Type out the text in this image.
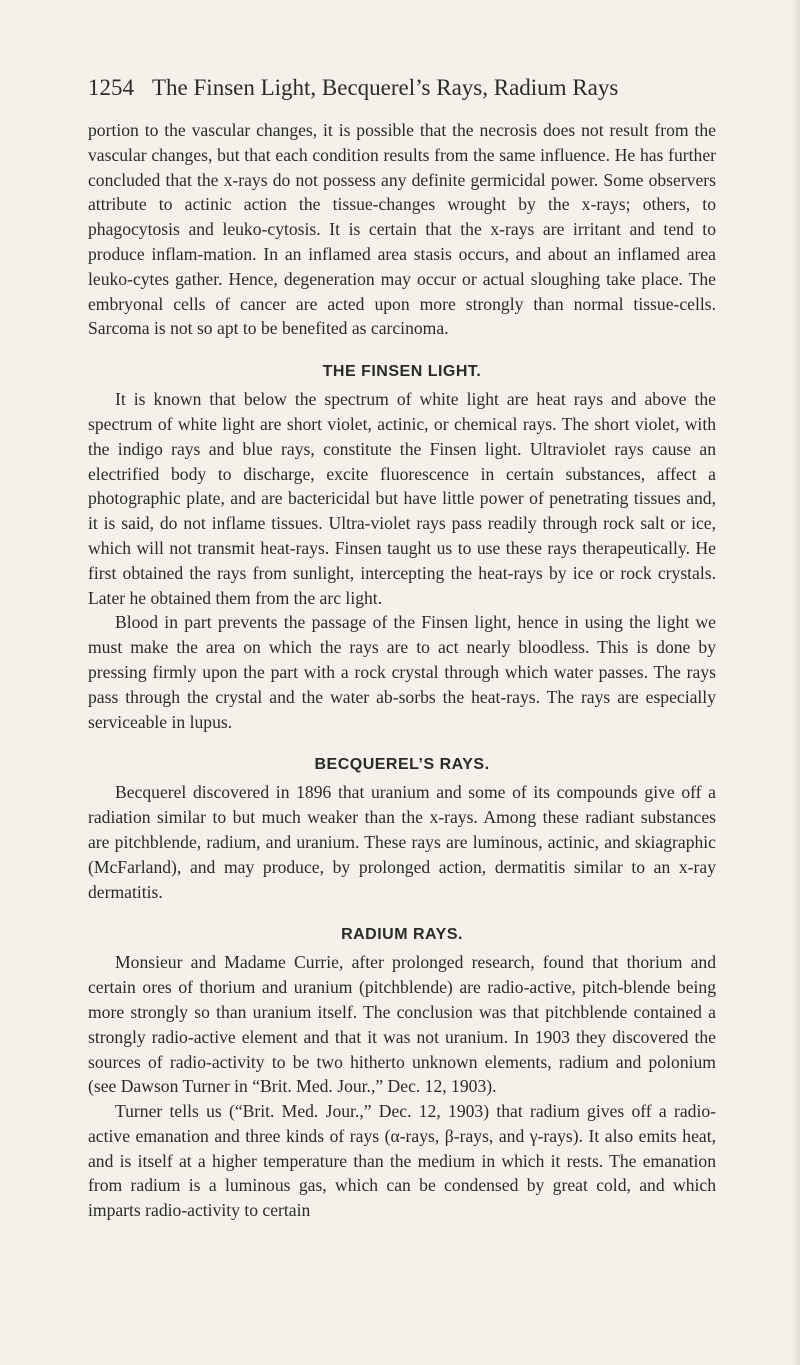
1254 The Finsen Light, Becquerel’s Rays, Radium Rays

portion to the vascular changes, it is possible that the necrosis does not result from the vascular changes, but that each condition results from the same influence. He has further concluded that the x-rays do not possess any definite germicidal power. Some observers attribute to actinic action the tissue-changes wrought by the x-rays; others, to phagocytosis and leuko-cytosis. It is certain that the x-rays are irritant and tend to produce inflam-mation. In an inflamed area stasis occurs, and about an inflamed area leuko-cytes gather. Hence, degeneration may occur or actual sloughing take place. The embryonal cells of cancer are acted upon more strongly than normal tissue-cells. Sarcoma is not so apt to be benefited as carcinoma.

THE FINSEN LIGHT.

It is known that below the spectrum of white light are heat rays and above the spectrum of white light are short violet, actinic, or chemical rays. The short violet, with the indigo rays and blue rays, constitute the Finsen light. Ultraviolet rays cause an electrified body to discharge, excite fluorescence in certain substances, affect a photographic plate, and are bactericidal but have little power of penetrating tissues and, it is said, do not inflame tissues. Ultra-violet rays pass readily through rock salt or ice, which will not transmit heat-rays. Finsen taught us to use these rays therapeutically. He first obtained the rays from sunlight, intercepting the heat-rays by ice or rock crystals. Later he obtained them from the arc light.

Blood in part prevents the passage of the Finsen light, hence in using the light we must make the area on which the rays are to act nearly bloodless. This is done by pressing firmly upon the part with a rock crystal through which water passes. The rays pass through the crystal and the water ab-sorbs the heat-rays. The rays are especially serviceable in lupus.

BECQUEREL’S RAYS.

Becquerel discovered in 1896 that uranium and some of its compounds give off a radiation similar to but much weaker than the x-rays. Among these radiant substances are pitchblende, radium, and uranium. These rays are luminous, actinic, and skiagraphic (McFarland), and may produce, by prolonged action, dermatitis similar to an x-ray dermatitis.

RADIUM RAYS.

Monsieur and Madame Currie, after prolonged research, found that thorium and certain ores of thorium and uranium (pitchblende) are radio-active, pitch-blende being more strongly so than uranium itself. The conclusion was that pitchblende contained a strongly radio-active element and that it was not uranium. In 1903 they discovered the sources of radio-activity to be two hitherto unknown elements, radium and polonium (see Dawson Turner in “Brit. Med. Jour.,” Dec. 12, 1903).

Turner tells us (“Brit. Med. Jour.,” Dec. 12, 1903) that radium gives off a radio-active emanation and three kinds of rays (α-rays, β-rays, and γ-rays). It also emits heat, and is itself at a higher temperature than the medium in which it rests. The emanation from radium is a luminous gas, which can be condensed by great cold, and which imparts radio-activity to certain
